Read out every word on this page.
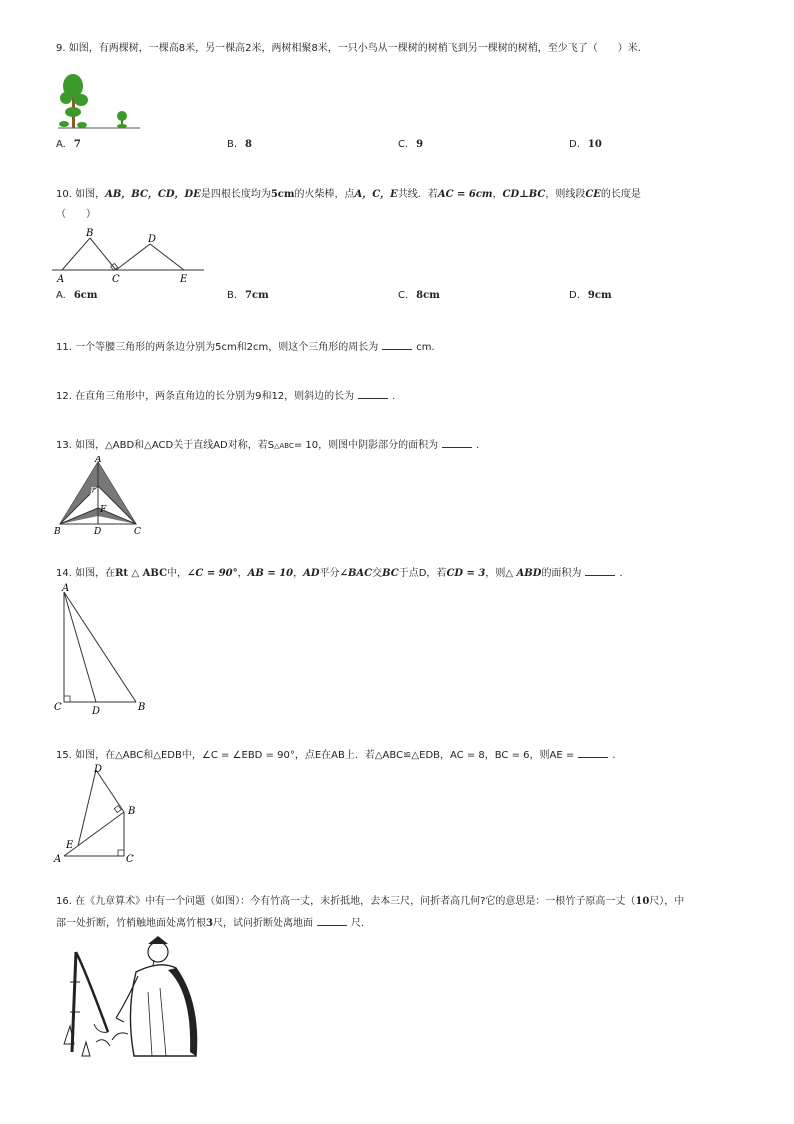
9. 如图，有两棵树，一棵高8米，另一棵高2米，两树相聚8米，一只小鸟从一棵树的树梢飞到另一棵树的树梢，至少飞了（　　）米.
A. 7	B. 8	C. 9	D. 10
10. 如图，AB，BC，CD，DE是四根长度均为5cm的火柴棒，点A，C，E共线．若AC = 6cm，CD⊥BC，则线段CE的长度是
（　　）
B
D
A	C	E
A. 6cm	B. 7cm	C. 8cm	D. 9cm
11. 一个等腰三角形的两条边分别为5cm和2cm，则这个三角形的周长为	cm.
12. 在直角三角形中，两条直角边的长分别为9和12，则斜边的长为	.
13. 如图，△ABD和△ACD关于直线AD对称，若S△ABC= 10，则图中阴影部分的面积为	.
A
E
F
B	D	C
14. 如图，在Rt △ ABC中，∠C = 90°，AB = 10，AD平分∠BAC交BC于点D，若CD = 3，则△ ABD的面积为	.
A
C	D	B
15. 如图，在△ABC和△EDB中，∠C = ∠EBD = 90°，点E在AB上．若△ABC≌△EDB，AC = 8，BC = 6，则AE =	.
D
B
E
A	C
16. 在《九章算术》中有一个问题（如图）：今有竹高一丈，末折抵地，去本三尺，问折者高几何?它的意思是：一根竹子原高一丈（10尺），中
部一处折断，竹梢触地面处离竹根3尺，试问折断处离地面	尺.
